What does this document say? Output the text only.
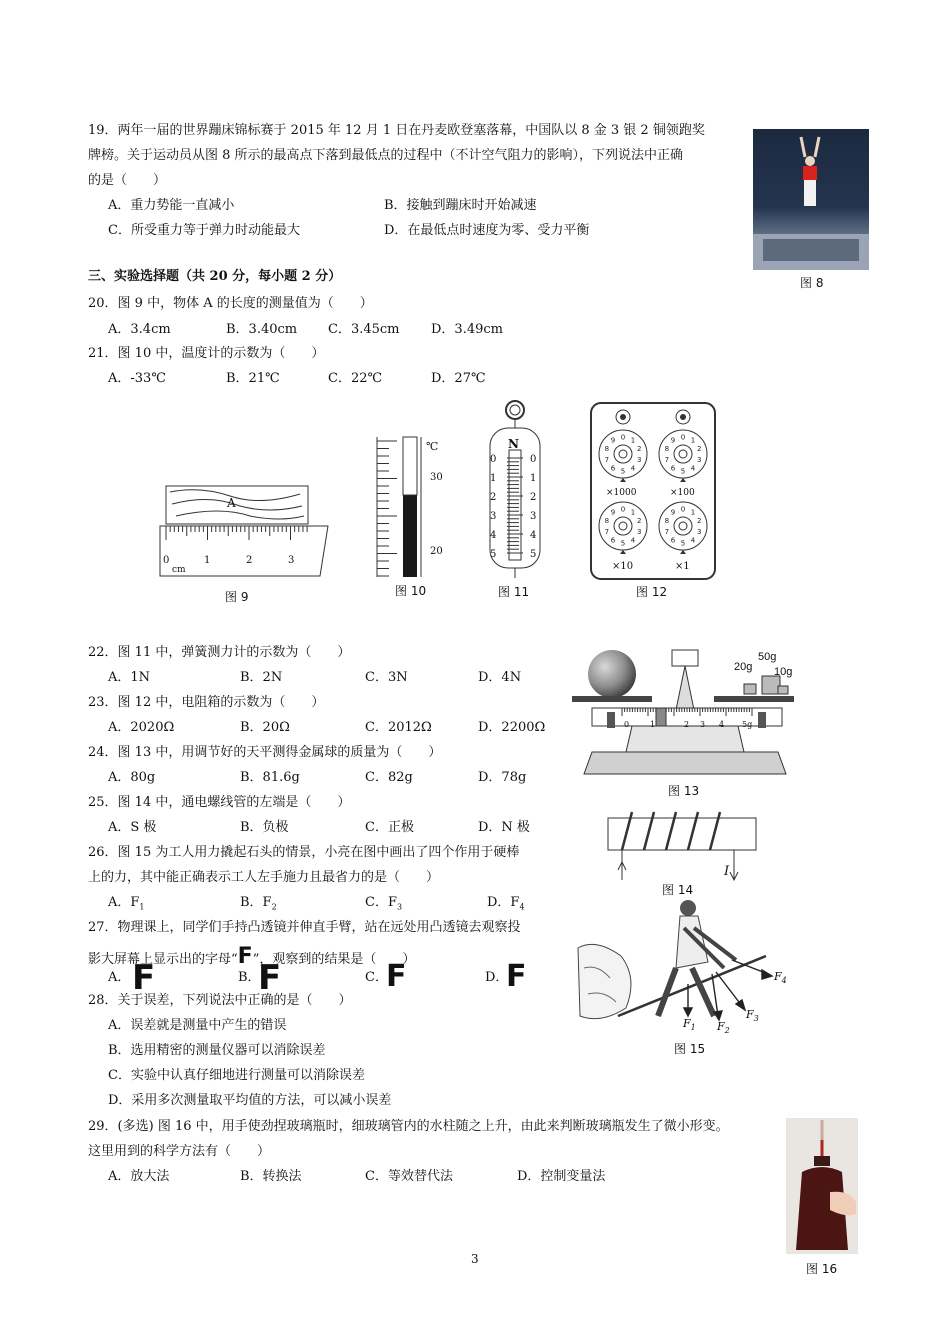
19．两年一届的世界蹦床锦标赛于 2015 年 12 月 1 日在丹麦欧登塞落幕，中国队以 8 金 3 银 2 铜领跑奖
牌榜。关于运动员从图 8 所示的最高点下落到最低点的过程中（不计空气阻力的影响），下列说法中正确
的是（　　）
A．重力势能一直减小	B．接触到蹦床时开始减速
C．所受重力等于弹力时动能最大	D．在最低点时速度为零、受力平衡
图 8
三、实验选择题（共 20 分，每小题 2 分）
20．图 9 中，物体 A 的长度的测量值为（　　）
A．3.4cm	B．3.40cm C．3.45cm D．3.49cm
21．图 10 中，温度计的示数为（　　）
A．-33℃	B．21℃	C．22℃	D．27℃
A
0	1	2	3
cm
图 9
℃
30
20
图 10
N
0
1
2
3
4
5
0
1
2
3
4
5
图 11
0 1
2
3
4
5
6
7
8
9	0 1
2
3
4
5
6
7
8
9
0 1
2
3
4
5
6
7
8
9	0 1
2
3
4
5
6
7
8
9
×1000	×100
×10	×1
图 12
22．图 11 中，弹簧测力计的示数为（　　）
A．1N	B．2N	C．3N	D．4N
23．图 12 中，电阻箱的示数为（　　）
A．2020Ω	B．20Ω	C．2012Ω	D．2200Ω
24．图 13 中，用调节好的天平测得金属球的质量为（　　）
A．80g	B．81.6g	C．82g	D．78g
25．图 14 中，通电螺线管的左端是（　　）
A．S 极	B．负极	C．正极	D．N 极
50g
20g 10g
0	1	2 3 4 5g
图 13
I
图 14
26．图 15 为工人用力撬起石头的情景，小亮在图中画出了四个作用于硬棒
上的力，其中能正确表示工人左手施力且最省力的是（　　）
A．$F_1$	B．$F_2$	C．$F_3$	D．$F_4$
27．物理课上，同学们手持凸透镜并伸直手臂，站在远处用凸透镜去观察投
影大屏幕上显示出的字母“F”，观察到的结果是（　　）
A． F	B．
F	C．
F	D．
F
28．关于误差，下列说法中正确的是（　　）
A．误差就是测量中产生的错误
B．选用精密的测量仪器可以消除误差
C．实验中认真仔细地进行测量可以消除误差
D．采用多次测量取平均值的方法，可以减小误差
$F_1$ $F_2$
$F_3$
$F_4$
图 15
29．(多选) 图 16 中，用手使劲捏玻璃瓶时，细玻璃管内的水柱随之上升，由此来判断玻璃瓶发生了微小形变。
这里用到的科学方法有（　　）
A．放大法	B．转换法	C．等效替代法	D．控制变量法
图 16
3
